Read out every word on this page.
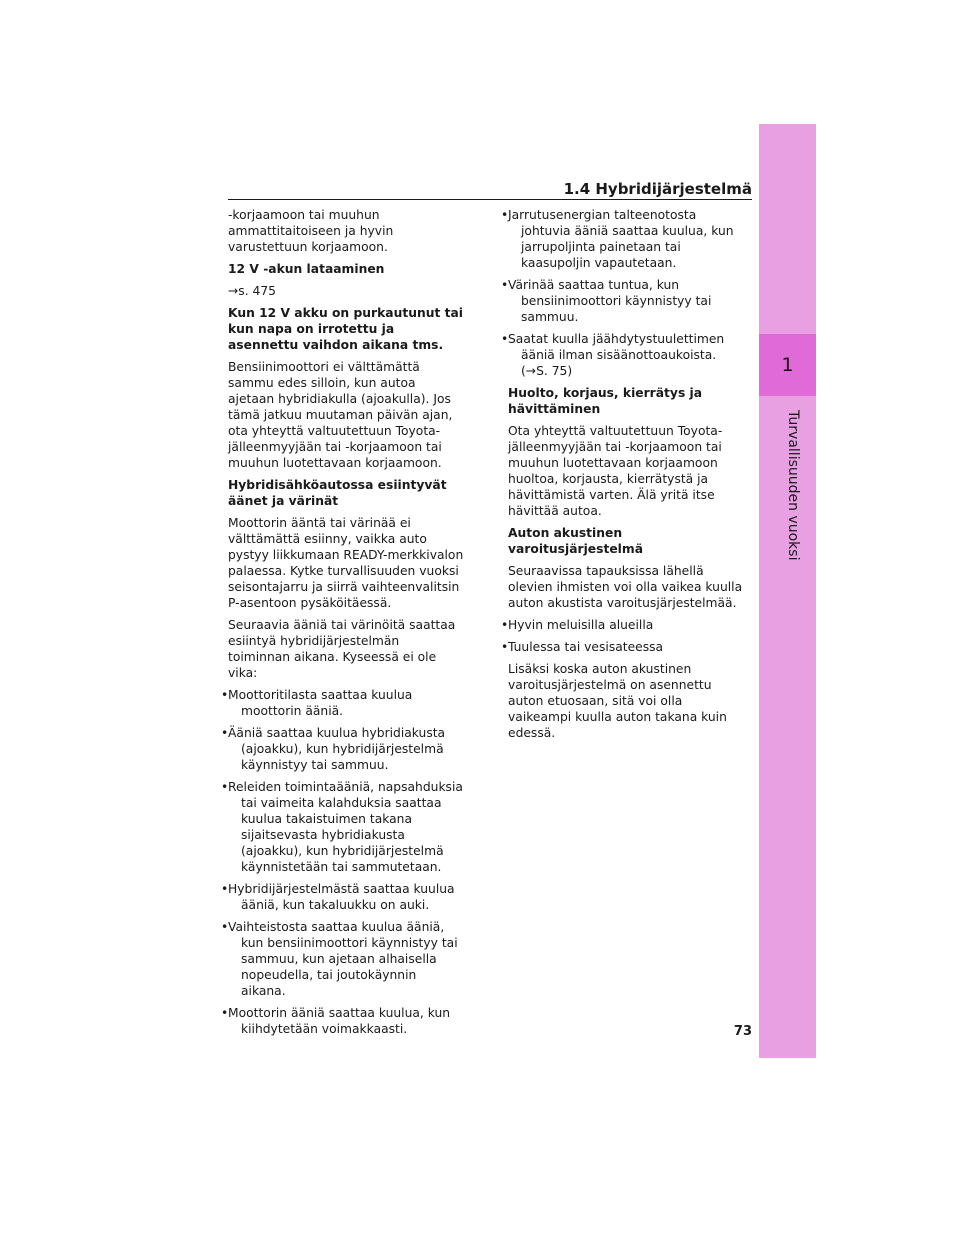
1
Turvallisuuden vuoksi
1.4 Hybridijärjestelmä

-korjaamoon tai muuhun ammattitaitoiseen ja hyvin varustettuun korjaamoon.

12 V -akun lataaminen

→s. 475

Kun 12 V akku on purkautunut tai kun napa on irrotettu ja asennettu vaihdon aikana tms.

Bensiinimoottori ei välttämättä sammu edes silloin, kun autoa ajetaan hybridiakulla (ajoakulla). Jos tämä jatkuu muutaman päivän ajan, ota yhteyttä valtuutettuun Toyota-jälleenmyyjään tai -korjaamoon tai muuhun luotettavaan korjaamoon.

Hybridisähköautossa esiintyvät äänet ja värinät

Moottorin ääntä tai värinää ei välttämättä esiinny, vaikka auto pystyy liikkumaan READY-merkkivalon palaessa. Kytke turvallisuuden vuoksi seisontajarru ja siirrä vaihteenvalitsin P-asentoon pysäköitäessä.

Seuraavia ääniä tai värinöitä saattaa esiintyä hybridijärjestelmän toiminnan aikana. Kyseessä ei ole vika:

• Moottoritilasta saattaa kuulua moottorin ääniä.
• Ääniä saattaa kuulua hybridiakusta (ajoakku), kun hybridijärjestelmä käynnistyy tai sammuu.
• Releiden toimintaääniä, napsahduksia tai vaimeita kalahduksia saattaa kuulua takaistuimen takana sijaitsevasta hybridiakusta (ajoakku), kun hybridijärjestelmä käynnistetään tai sammutetaan.
• Hybridijärjestelmästä saattaa kuulua ääniä, kun takaluukku on auki.
• Vaihteistosta saattaa kuulua ääniä, kun bensiinimoottori käynnistyy tai sammuu, kun ajetaan alhaisella nopeudella, tai joutokäynnin aikana.
• Moottorin ääniä saattaa kuulua, kun kiihdytetään voimakkaasti.
• Jarrutusenergian talteenotosta johtuvia ääniä saattaa kuulua, kun jarrupoljinta painetaan tai kaasupoljin vapautetaan.
• Värinää saattaa tuntua, kun bensiinimoottori käynnistyy tai sammuu.
• Saatat kuulla jäähdytystuulettimen ääniä ilman sisäänottoaukoista. (→S. 75)

Huolto, korjaus, kierrätys ja hävittäminen

Ota yhteyttä valtuutettuun Toyota-jälleenmyyjään tai -korjaamoon tai muuhun luotettavaan korjaamoon huoltoa, korjausta, kierrätystä ja hävittämistä varten. Älä yritä itse hävittää autoa.

Auton akustinen varoitusjärjestelmä

Seuraavissa tapauksissa lähellä olevien ihmisten voi olla vaikea kuulla auton akustista varoitusjärjestelmää.

• Hyvin meluisilla alueilla
• Tuulessa tai vesisateessa

Lisäksi koska auton akustinen varoitusjärjestelmä on asennettu auton etuosaan, sitä voi olla vaikeampi kuulla auton takana kuin edessä.

73
